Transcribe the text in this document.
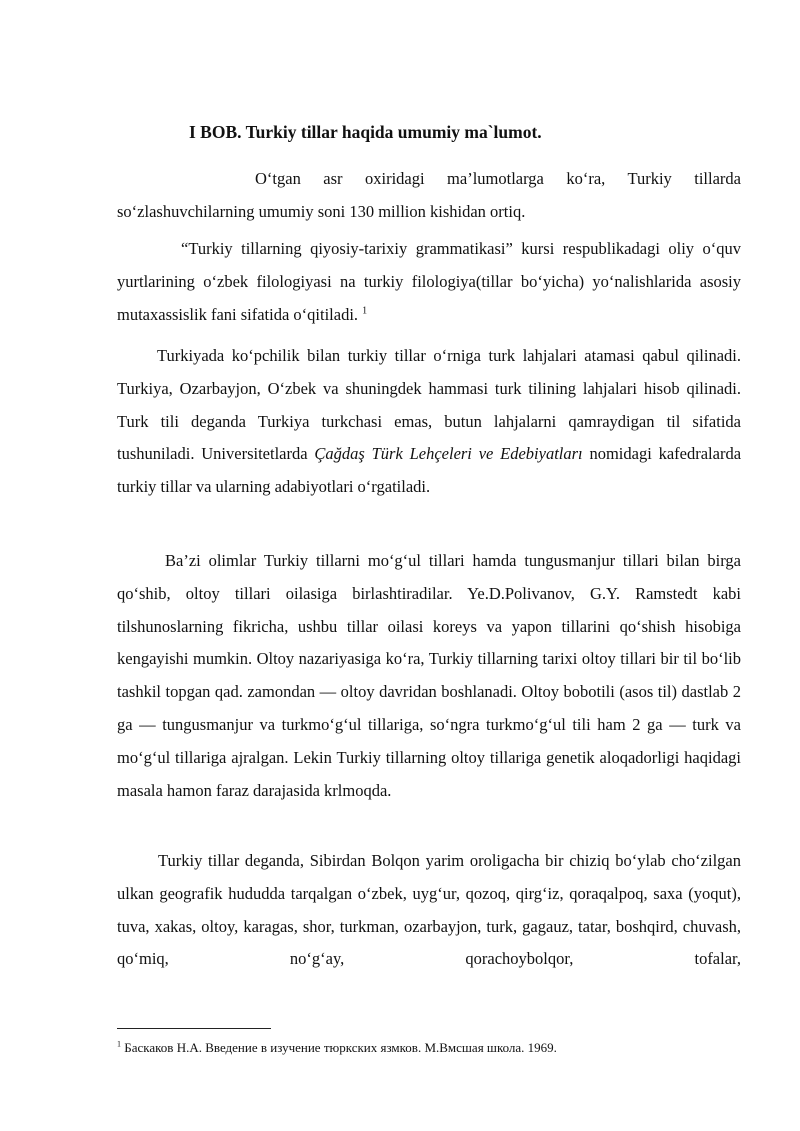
I BOB. Turkiy tillar haqida umumiy ma`lumot.

O‘tgan asr oxiridagi ma’lumotlarga ko‘ra, Turkiy tillarda so‘zlashuvchilarning umumiy soni 130 million kishidan ortiq.

“Turkiy tillarning qiyosiy-tarixiy grammatikasi” kursi respublikadagi oliy o‘quv yurtlarining o‘zbek filologiyasi na turkiy filologiya(tillar bo‘yicha) yo‘nalishlarida asosiy mutaxassislik fani sifatida o‘qitiladi. $^1$

Turkiyada ko‘pchilik bilan turkiy tillar o‘rniga turk lahjalari atamasi qabul qilinadi. Turkiya, Ozarbayjon, O‘zbek va shuningdek hammasi turk tilining lahjalari hisob qilinadi. Turk tili deganda Turkiya turkchasi emas, butun lahjalarni qamraydigan til sifatida tushuniladi. Universitetlarda Çağdaş Türk Lehçeleri ve Edebiyatları nomidagi kafedralarda turkiy tillar va ularning adabiyotlari o‘rgatiladi.

Ba’zi olimlar Turkiy tillarni mo‘g‘ul tillari hamda tungusmanjur tillari bilan birga qo‘shib, oltoy tillari oilasiga birlashtiradilar. Ye.D.Polivanov, G.Y. Ramstedt kabi tilshunoslarning fikricha, ushbu tillar oilasi koreys va yapon tillarini qo‘shish hisobiga kengayishi mumkin. Oltoy nazariyasiga ko‘ra, Turkiy tillarning tarixi oltoy tillari bir til bo‘lib tashkil topgan qad. zamondan — oltoy davridan boshlanadi. Oltoy bobotili (asos til) dastlab 2 ga — tungusmanjur va turkmo‘g‘ul tillariga, so‘ngra turkmo‘g‘ul tili ham 2 ga — turk va mo‘g‘ul tillariga ajralgan. Lekin Turkiy tillarning oltoy tillariga genetik aloqadorligi haqidagi masala hamon faraz darajasida krlmoqda.

Turkiy tillar deganda, Sibirdan Bolqon yarim oroligacha bir chiziq bo‘ylab cho‘zilgan ulkan geografik hududda tarqalgan o‘zbek, uyg‘ur, qozoq, qirg‘iz, qoraqalpoq, saxa (yoqut), tuva, xakas, oltoy, karagas, shor, turkman, ozarbayjon, turk, gagauz, tatar, boshqird, chuvash, qo‘miq, no‘g‘ay, qorachoybolqor, tofalar,

$^1$ Баскаков Н.А. Введение в изучение тюркских язмков. М.Вмсшая школа. 1969.
